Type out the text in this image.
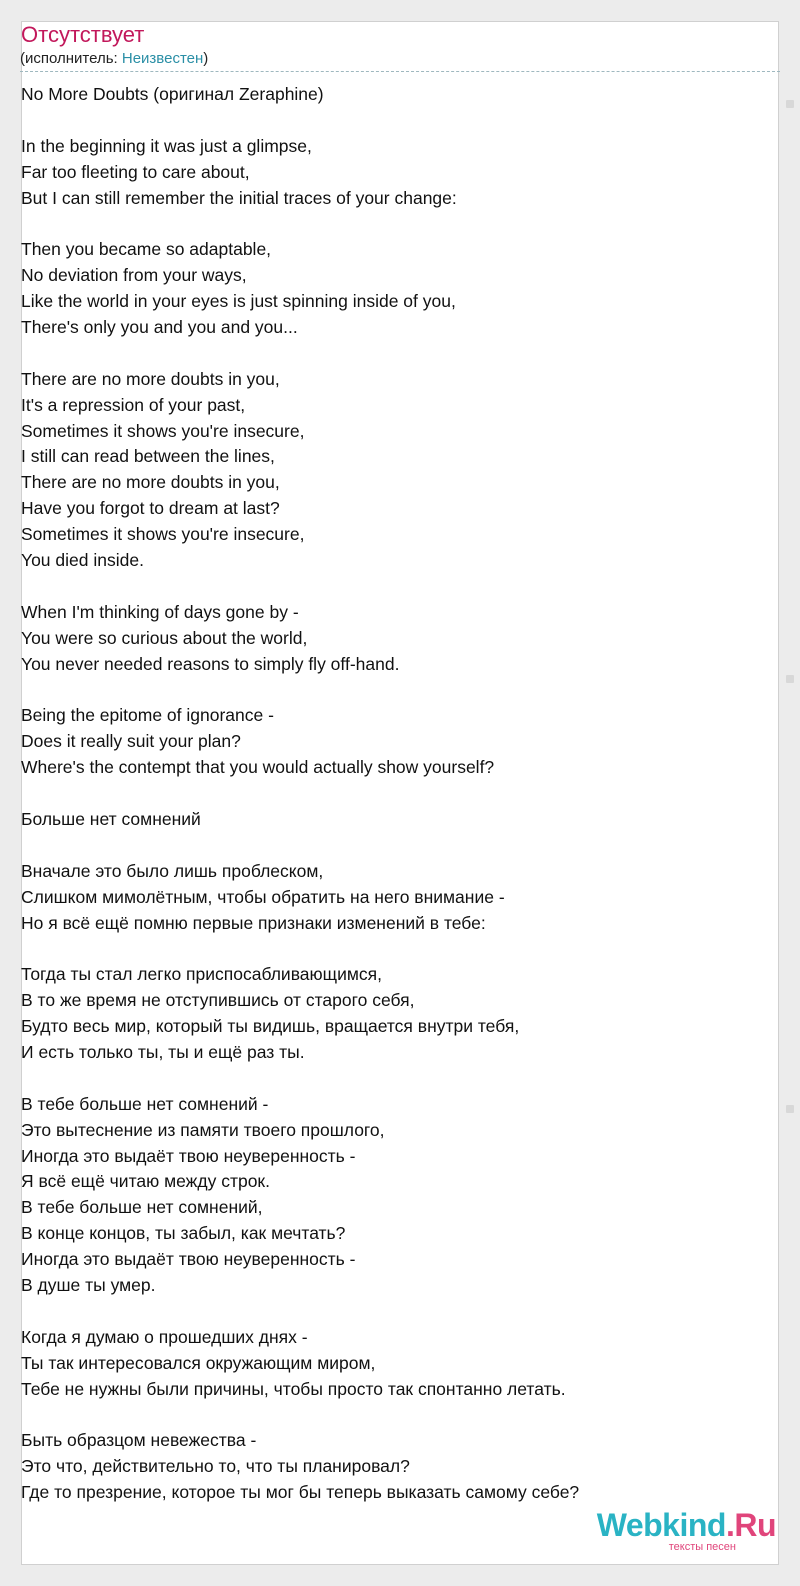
Отсутствует
(исполнитель: Неизвестен)
No More Doubts (оригинал Zeraphine)
In the beginning it was just a glimpse,
Far too fleeting to care about,
But I can still remember the initial traces of your change:
Then you became so adaptable,
No deviation from your ways,
Like the world in your eyes is just spinning inside of you,
There's only you and you and you...
There are no more doubts in you,
It's a repression of your past,
Sometimes it shows you're insecure,
I still can read between the lines,
There are no more doubts in you,
Have you forgot to dream at last?
Sometimes it shows you're insecure,
You died inside.
When I'm thinking of days gone by -
You were so curious about the world,
You never needed reasons to simply fly off-hand.
Being the epitome of ignorance -
Does it really suit your plan?
Where's the contempt that you would actually show yourself?
Больше нет сомнений
Вначале это было лишь проблеском,
Слишком мимолётным, чтобы обратить на него внимание -
Но я всё ещё помню первые признаки изменений в тебе:
Тогда ты стал легко приспосабливающимся,
В то же время не отступившись от старого себя,
Будто весь мир, который ты видишь, вращается внутри тебя,
И есть только ты, ты и ещё раз ты.
В тебе больше нет сомнений -
Это вытеснение из памяти твоего прошлого,
Иногда это выдаёт твою неуверенность -
Я всё ещё читаю между строк.
В тебе больше нет сомнений,
В конце концов, ты забыл, как мечтать?
Иногда это выдаёт твою неуверенность -
В душе ты умер.
Когда я думаю о прошедших днях -
Ты так интересовался окружающим миром,
Тебе не нужны были причины, чтобы просто так спонтанно летать.
Быть образцом невежества -
Это что, действительно то, что ты планировал?
Где то презрение, которое ты мог бы теперь выказать самому себе?
Webkind.Ru
тексты песен
